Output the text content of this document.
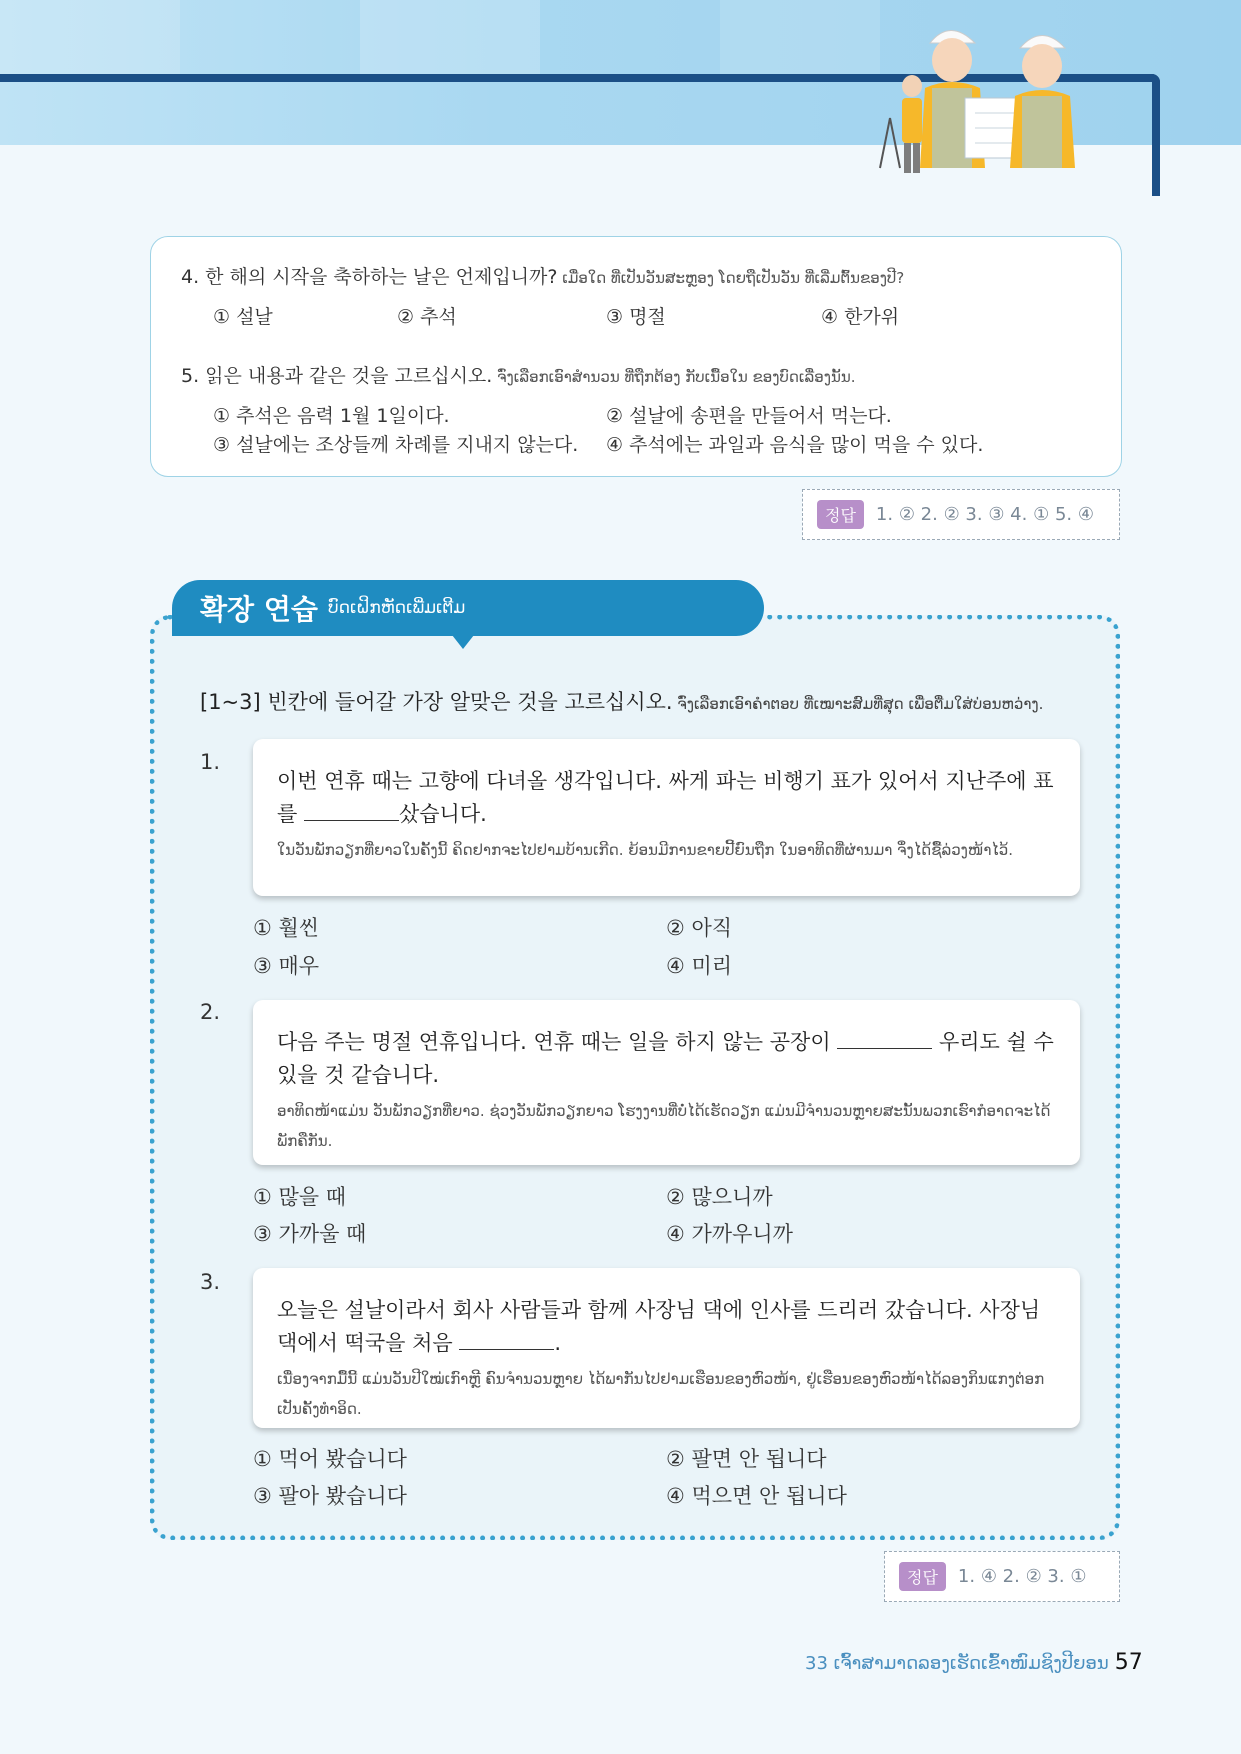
4. 한 해의 시작을 축하하는 날은 언제입니까? ເມື່ອໃດ ທີ່ເປັນວັນສະຫຼອງ ໂດຍຖືເປັນວັນ ທີ່ເລີ່ມຕົ້ນຂອງປີ?
① 설날	② 추석	③ 명절	④ 한가위
5. 읽은 내용과 같은 것을 고르십시오. ຈົ່ງເລືອກເອົາສໍານວນ ທີ່ຖືກຕ້ອງ ກັບເນື້ອໃນ ຂອງບົດເລື່ອງນັ້ນ.
① 추석은 음력 1월 1일이다.	② 설날에 송편을 만들어서 먹는다.
③ 설날에는 조상들께 차례를 지내지 않는다. ④ 추석에는 과일과 음식을 많이 먹을 수 있다.
정답	1. ② 2. ② 3. ③ 4. ① 5. ④
확장 연습 ບົດເຝິກຫັດເພີ່ມເຕີມ
[1~3] 빈칸에 들어갈 가장 알맞은 것을 고르십시오. ຈົ່ງເລືອກເອົາຄໍາຕອບ ທີ່ເໝາະສົມທີ່ສຸດ ເພື່ອຕື່ມໃສ່ບ່ອນຫວ່າງ.
1.
이번 연휴 때는 고향에 다녀올 생각입니다. 싸게 파는 비행기 표가 있어서 지난주에 표를	샀습니다.
ໃນວັນພັກວຽກທີ່ຍາວໃນຄັ້ງນີ້ ຄິດຢາກຈະໄປຢາມບ້ານເກີດ. ຍ້ອນມີການຂາຍປີ້ຍົນຖືກ ໃນອາທິດທີ່ຜ່ານມາ ຈຶ່ງໄດ້ຊື້ລ່ວງໜ້າໄວ້.
① 훨씬	② 아직
③ 매우	④ 미리
2.
다음 주는 명절 연휴입니다. 연휴 때는 일을 하지 않는 공장이	우리도 쉴 수 있을 것 같습니다.
ອາທິດໜ້າແມ່ນ ວັນພັກວຽກທີ່ຍາວ. ຊ່ວງວັນພັກວຽກຍາວ ໂຮງງານທີ່ບໍ່ໄດ້ເຮັດວຽກ ແມ່ນມີຈໍານວນຫຼາຍສະນັ້ນພວກເຮົາກໍອາດຈະໄດ້ພັກຄືກັນ.
① 많을 때	② 많으니까
③ 가까울 때	④ 가까우니까
3.
오늘은 설날이라서 회사 사람들과 함께 사장님 댁에 인사를 드리러 갔습니다. 사장님 댁에서 떡국을 처음	.
ເນື່ອງຈາກມື້ນີ້ ແມ່ນວັນປີໃໝ່ເກົາຫຼີ ຄົນຈໍານວນຫຼາຍ ໄດ້ພາກັນໄປຢາມເຮືອນຂອງຫົວໜ້າ, ຢູ່ເຮືອນຂອງຫົວໜ້າໄດ້ລອງກິນແກງຕ່ອກເປັນຄັ້ງທໍາອິດ.
① 먹어 봤습니다	② 팔면 안 됩니다
③ 팔아 봤습니다	④ 먹으면 안 됩니다
정답	1. ④ 2. ② 3. ①
33 ເຈົ້າສາມາດລອງເຮັດເຂົ້າໜົມຊິງປີຍອນ 57
